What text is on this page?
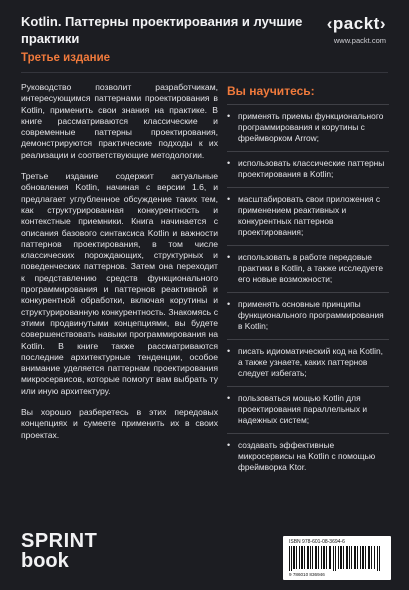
Kotlin. Паттерны проектирования и лучшие практики
Третье издание
‹packt›
www.packt.com

Руководство позволит разработчикам, интересующимся паттернами проектирования в Kotlin, применить свои знания на практике. В книге рассматриваются классические и современные паттерны проектирования, демонстрируются практические подходы к их реализации и соответствующие методологии.

Третье издание содержит актуальные обновления Kotlin, начиная с версии 1.6, и предлагает углубленное обсуждение таких тем, как структурированная конкурентность и контекстные приемники. Книга начинается с описания базового синтаксиса Kotlin и важности паттернов проектирования, в том числе классических порождающих, структурных и поведенческих паттернов. Затем она переходит к представлению средств функционального программирования и паттернов реактивной и конкурентной обработки, включая корутины и структурированную конкурентность. Знакомясь с этими продвинутыми концепциями, вы будете совершенствовать навыки программирования на Kotlin. В книге также рассматриваются последние архитектурные тенденции, особое внимание уделяется паттернам проектирования микросервисов, которые помогут вам выбрать ту или иную архитектуру.

Вы хорошо разберетесь в этих передовых концепциях и сумеете применить их в своих проектах.

Вы научитесь:
• применять приемы функционального программирования и корутины с фреймворком Arrow;
• использовать классические паттерны проектирования в Kotlin;
• масштабировать свои приложения с применением реактивных и конкурентных паттернов проектирования;
• использовать в работе передовые практики в Kotlin, а также исследуете его новые возможности;
• применять основные принципы функционального программирования в Kotlin;
• писать идиоматический код на Kotlin, а также узнаете, каких паттернов следует избегать;
• пользоваться мощью Kotlin для проектирования параллельных и надежных систем;
• создавать эффективные микросервисы на Kotlin с помощью фреймворка Ktor.
SPRINT
book
ISBN 978-601-08-3694-6
9 786010 836946
